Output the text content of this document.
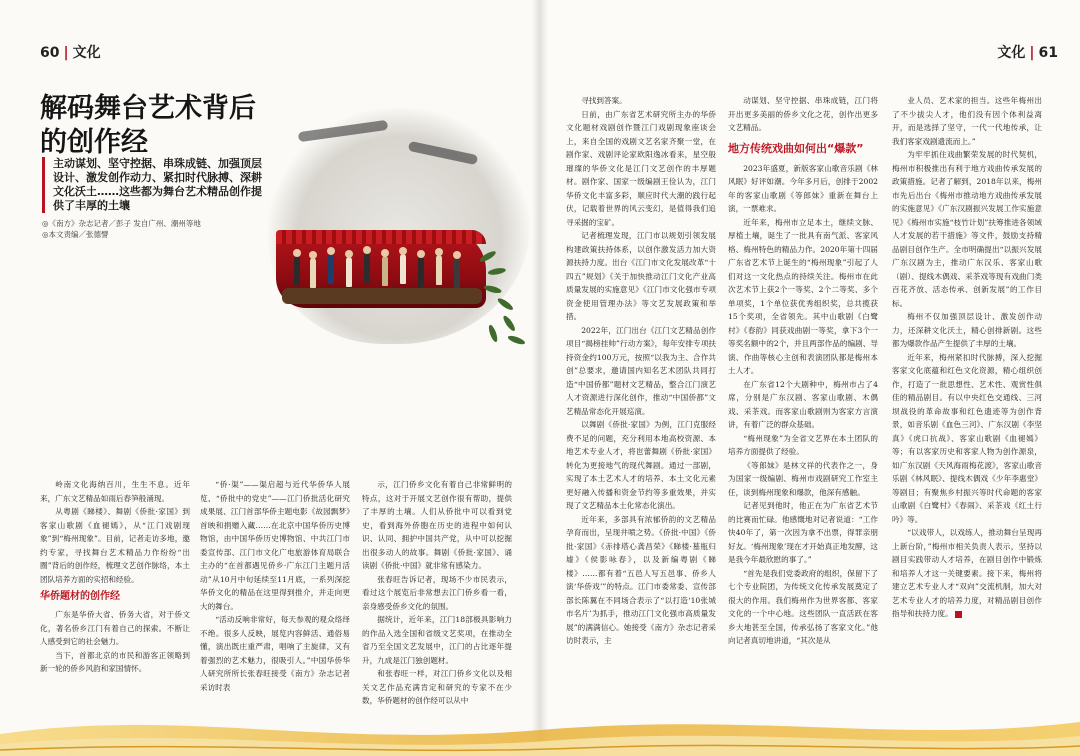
60 | 文化
解码舞台艺术背后的创作经
主动谋划、坚守控据、串珠成链、加强顶层设计、激发创作动力、紧扣时代脉搏、深耕文化沃土……这些都为舞台艺术精品创作提供了丰厚的土壤
◎《南方》杂志记者／彭子 发自广州、潮州等地
◎本文责编／张德譬

岭南文化海纳百川，生生不息。近年来，广东文艺精品如雨后春笋般涌现。

从粤剧《睇楼》、舞剧《侨批·家国》到客家山歌剧《血褪嫣》，从“江门戏剧现象”到“梅州现象”。目前，记者走访多地，邀约专家，寻找舞台艺术精品力作纷纷“出圈”背后的创作经，梳理文艺创作脉络，本土团队培养方面的实招和经验。

华侨题材的创作经

广东是华侨大省、侨务大省，对于侨文化，著名侨乡江门有着自己的探索。不断让人感受到它的社会魅力。

当下，首都北京的市民和游客正领略到新一轮的侨乡风韵和家国情怀。

“侨·渠”——渠启超与近代华侨华人展览、“侨批中的党史”——江门侨批活化研究成果展、江门首部华侨主题电影《故园飘梦》首映和捐赠入藏……在北京中国华侨历史博物馆，由中国华侨历史博物馆、中共江门市委宣传部、江门市文化广电旅游体育局联合主办的“在首都遇见侨乡·广东江门主题月活动”从10月中旬延续至11月底，一系列深挖华侨文化的精品在这里得到推介，并走向更大的舞台。

“活动反响非常好，每天参观的观众络绎不绝。很多人反映，展览内容鲜活、通俗易懂，演出既庄重严肃，唱响了主旋律，又有着强烈的艺术魅力，很吸引人。”中国华侨华人研究所所长张春旺接受《南方》杂志记者采访时表

示，江门侨乡文化有着自己非常鲜明的特点，这对于开展文艺创作很有帮助，提供了丰厚的土壤。人们从侨批中可以看到党史，看到海外侨胞在历史的进程中如何认识、认同、拥护中国共产党，从中可以挖掘出很多动人的故事。舞剧《侨批·家国》、诵读剧《侨批·中国》就非常有感染力。

张春旺告诉记者，现场不少市民表示，看过这个展览后非常想去江门侨乡看一看，亲身感受侨乡文化的氛围。

据统计，近年来，江门18部极具影响力的作品入选全国和省级文艺奖项，在推动全省乃至全国文艺发展中，江门的占比逐年提升，九成是江门独创题材。

和张春旺一样，对江门侨乡文化以及相关文艺作品充满肯定和研究的专家不在少数，华侨题材的创作经可以从中

文化 | 61

寻找到答案。

日前，由广东省艺术研究所主办的华侨文化题材戏剧创作暨江门戏剧现象座谈会上，来自全国的戏剧文艺名家齐聚一堂，在剧作家、戏剧评论家欧阳逸冰看来，星空般璀璨的华侨文化是江门文艺创作的丰厚题材。剧作家、国家一级编剧王俭认为，江门华侨文化丰富多彩，顺应时代大潮的践行起伏，记载着世界的风云变幻，是值得我们追寻采掘的宝矿。

记者梳理发现，江门市以规划引领发展构建政策扶持体系，以创作激发活力加大资源扶持力度。出台《江门市文化发展改革“十四五”规划》《关于加快推动江门文化产业高质量发展的实施意见》《江门市文化强市专项资金使用管理办法》等文艺发展政策和举措。

2022年，江门出台《江门文艺精品创作项目“揭榜挂帅”行动方案》，每年安排专项扶持资金约100万元，按照“以我为主、合作共创”总要求，邀请国内知名艺术团队共同打造“中国侨都”题材文艺精品，整合江门演艺人才资源进行深化创作，推动“中国侨都”文艺精品常态化开展巡演。

以舞剧《侨批·家国》为例，江门克服经费不足的问题，充分利用本地高校资源、本地艺术专业人才，将岜蕾舞剧《侨批·家国》转化为更接地气的现代舞剧。通过一部剧，实现了本土艺术人才的培养、本土文化元素更好融入传播和资金节约等多重效果，并实现了文艺精品本土化常态化演出。

近年来，多部具有浓郁侨韵的文艺精品孕育而出，呈现井喷之势。《侨批·中国》《侨批·家国》《赤排塔心龚昌荣》《睇楼·墓瓶归墟》《侯影咏春》，以及新编粤剧《睇楼》……都有着“五邑人写五邑事、侨乡人演‘华侨戏’”的特点。江门市委常委、宣传部部长陈翼在不同场合表示了“以打造‘10张城市名片’为抓手，推动江门文化强市高质量发展”的满满信心。她接受《南方》杂志记者采访时表示，主

动谋划、坚守控据、串珠成链，江门将开出更多美丽的侨乡文化之花，创作出更多文艺精品。

地方传统戏曲如何出“爆款”

2023年盛夏，新版客家山歌音乐剧《林风眠》好评如潮。今年多月后，创排于2002年的客家山歌剧《等郎妹》重新在舞台上演，一票难求。

近年来，梅州市立足本土，继续文脉、厚植土壤，诞生了一批具有南气派、客家风格、梅州特色的精品力作。2020年第十四届广东省艺术节上诞生的“梅州现象”引起了人们对这一文化热点的持续关注。梅州市在此次艺术节上获2个一等奖、2个二等奖、多个单项奖，1个单位获优秀组织奖，总共揽获15个奖项，全省领先。其中山歌剧《白鹭村》《春韵》同获戏曲剧一等奖，拿下3个一等奖名额中的2个，并且两部作品的编剧、导演、作曲等核心主创和表演团队都是梅州本土人才。

在广东省12个大剧种中，梅州市占了4席，分别是广东汉剧、客家山歌剧、木偶戏、采茶戏。而客家山歌剧则为客家方言演讲，有着广泛的群众基础。

“梅州现象”为全省文艺界在本土团队的培养方面提供了经验。

《等郎妹》是林文祥的代表作之一，身为国家一级编剧、梅州市戏剧研究工作室主任，谈到梅州现象和爆款，他深有感触。

记者见到他时，他正在为广东省艺术节的比赛而忙碌。他感慨地对记者说道：“工作快40年了，第一次因为拿不出票，得罪亲朋好友。‘梅州现象’现在才开始真正地发酵，这是我今年最欣慰的事了。”

“首先是我们党委政府的组织，保留下了七个专业院团，为传统文化传承发展奠定了很大的作用。我们梅州作为世界客都、客家文化的一个中心地。这些团队一直活跃在客乡大地甚至全国，传承弘扬了客家文化。”他向记者真切地讲道，“其次是从

业人员、艺术家的担当。这些年梅州出了不少拔尖人才，他们没有因个体利益离开，而是选择了坚守，一代一代地传承，让我们客家戏剧遗流而上。”

为牢牢抓住戏曲繁荣发展的时代契机，梅州市积极推出有利于地方戏曲传承发展的政策措施。记者了解到，2018年以来，梅州市先后出台《梅州市推动地方戏曲传承发展的实施意见》《广东汉剧振兴发展工作实施意见》《梅州市实施“枝竹计划”扶筹推进各领域人才发展的若干措施》等文件，鼓励支持精品剧目创作生产。全市明确提出“以振兴发展广东汉剧为主，推动广东汉乐、客家山歌（剧）、提线木偶戏、采茶戏等现有戏曲门类百花齐放、活态传承、创新发展”的工作目标。

梅州不仅加强顶层设计、激发创作动力，还深耕文化沃土，精心创排新剧。这些都为爆款作品产生提供了丰厚的土壤。

近年来，梅州紧扣时代脉搏，深入挖掘客家文化底蕴和红色文化资源，精心组织创作，打造了一批思想性、艺术性、观赏性俱佳的精品剧目。有以中央红色交通线、三河坝战役的革命故事和红色遗迹等为创作背景，如音乐剧《血色三河》、广东汉剧《李坚真》《虎口抗战》、客家山歌剧《血褪嫣》等；有以客家历史和客家人物为创作源泉，如广东汉剧《天风海雨梅花渡》，客家山歌音乐剧《林风眠》、提线木偶戏《少年李惠堂》等剧目；有聚焦乡村振兴等时代命题的客家山歌剧《白鹭村》《春闹》、采茶戏《红土行吟》等。

“以戏带人，以戏练人，推动舞台呈现再上新台阶，”梅州市相关负责人表示，坚持以剧目实践带动人才培养，在剧目创作中锻炼和培养人才这一关键要素。接下来，梅州将建立艺术专业人才“双向”交流机制，加大对艺术专业人才的培养力度，对精品剧目创作指导和扶持力度。
